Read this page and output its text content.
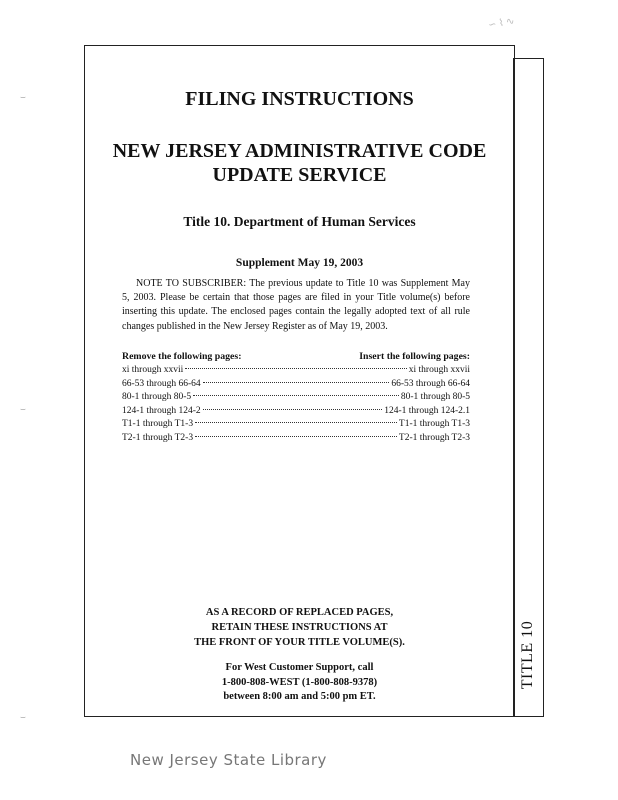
TITLE 10
FILING INSTRUCTIONS
NEW JERSEY ADMINISTRATIVE CODE
UPDATE SERVICE
Title 10. Department of Human Services
Supplement May 19, 2003
NOTE TO SUBSCRIBER: The previous update to Title 10 was Supplement May 5, 2003. Please be certain that those pages are filed in your Title volume(s) before inserting this update. The enclosed pages contain the legally adopted text of all rule changes published in the New Jersey Register as of May 19, 2003.
Remove the following pages:	Insert the following pages:
xi through xxvii	xi through xxvii
66-53 through 66-64	66-53 through 66-64
80-1 through 80-5	80-1 through 80-5
124-1 through 124-2	124-1 through 124-2.1
T1-1 through T1-3	T1-1 through T1-3
T2-1 through T2-3	T2-1 through T2-3
AS A RECORD OF REPLACED PAGES,
RETAIN THESE INSTRUCTIONS AT
THE FRONT OF YOUR TITLE VOLUME(S).
For West Customer Support, call
1-800-808-WEST (1-800-808-9378)
between 8:00 am and 5:00 pm ET.
⌣
⌣
⌣
∽ ⌇ ∿
New Jersey State Library
